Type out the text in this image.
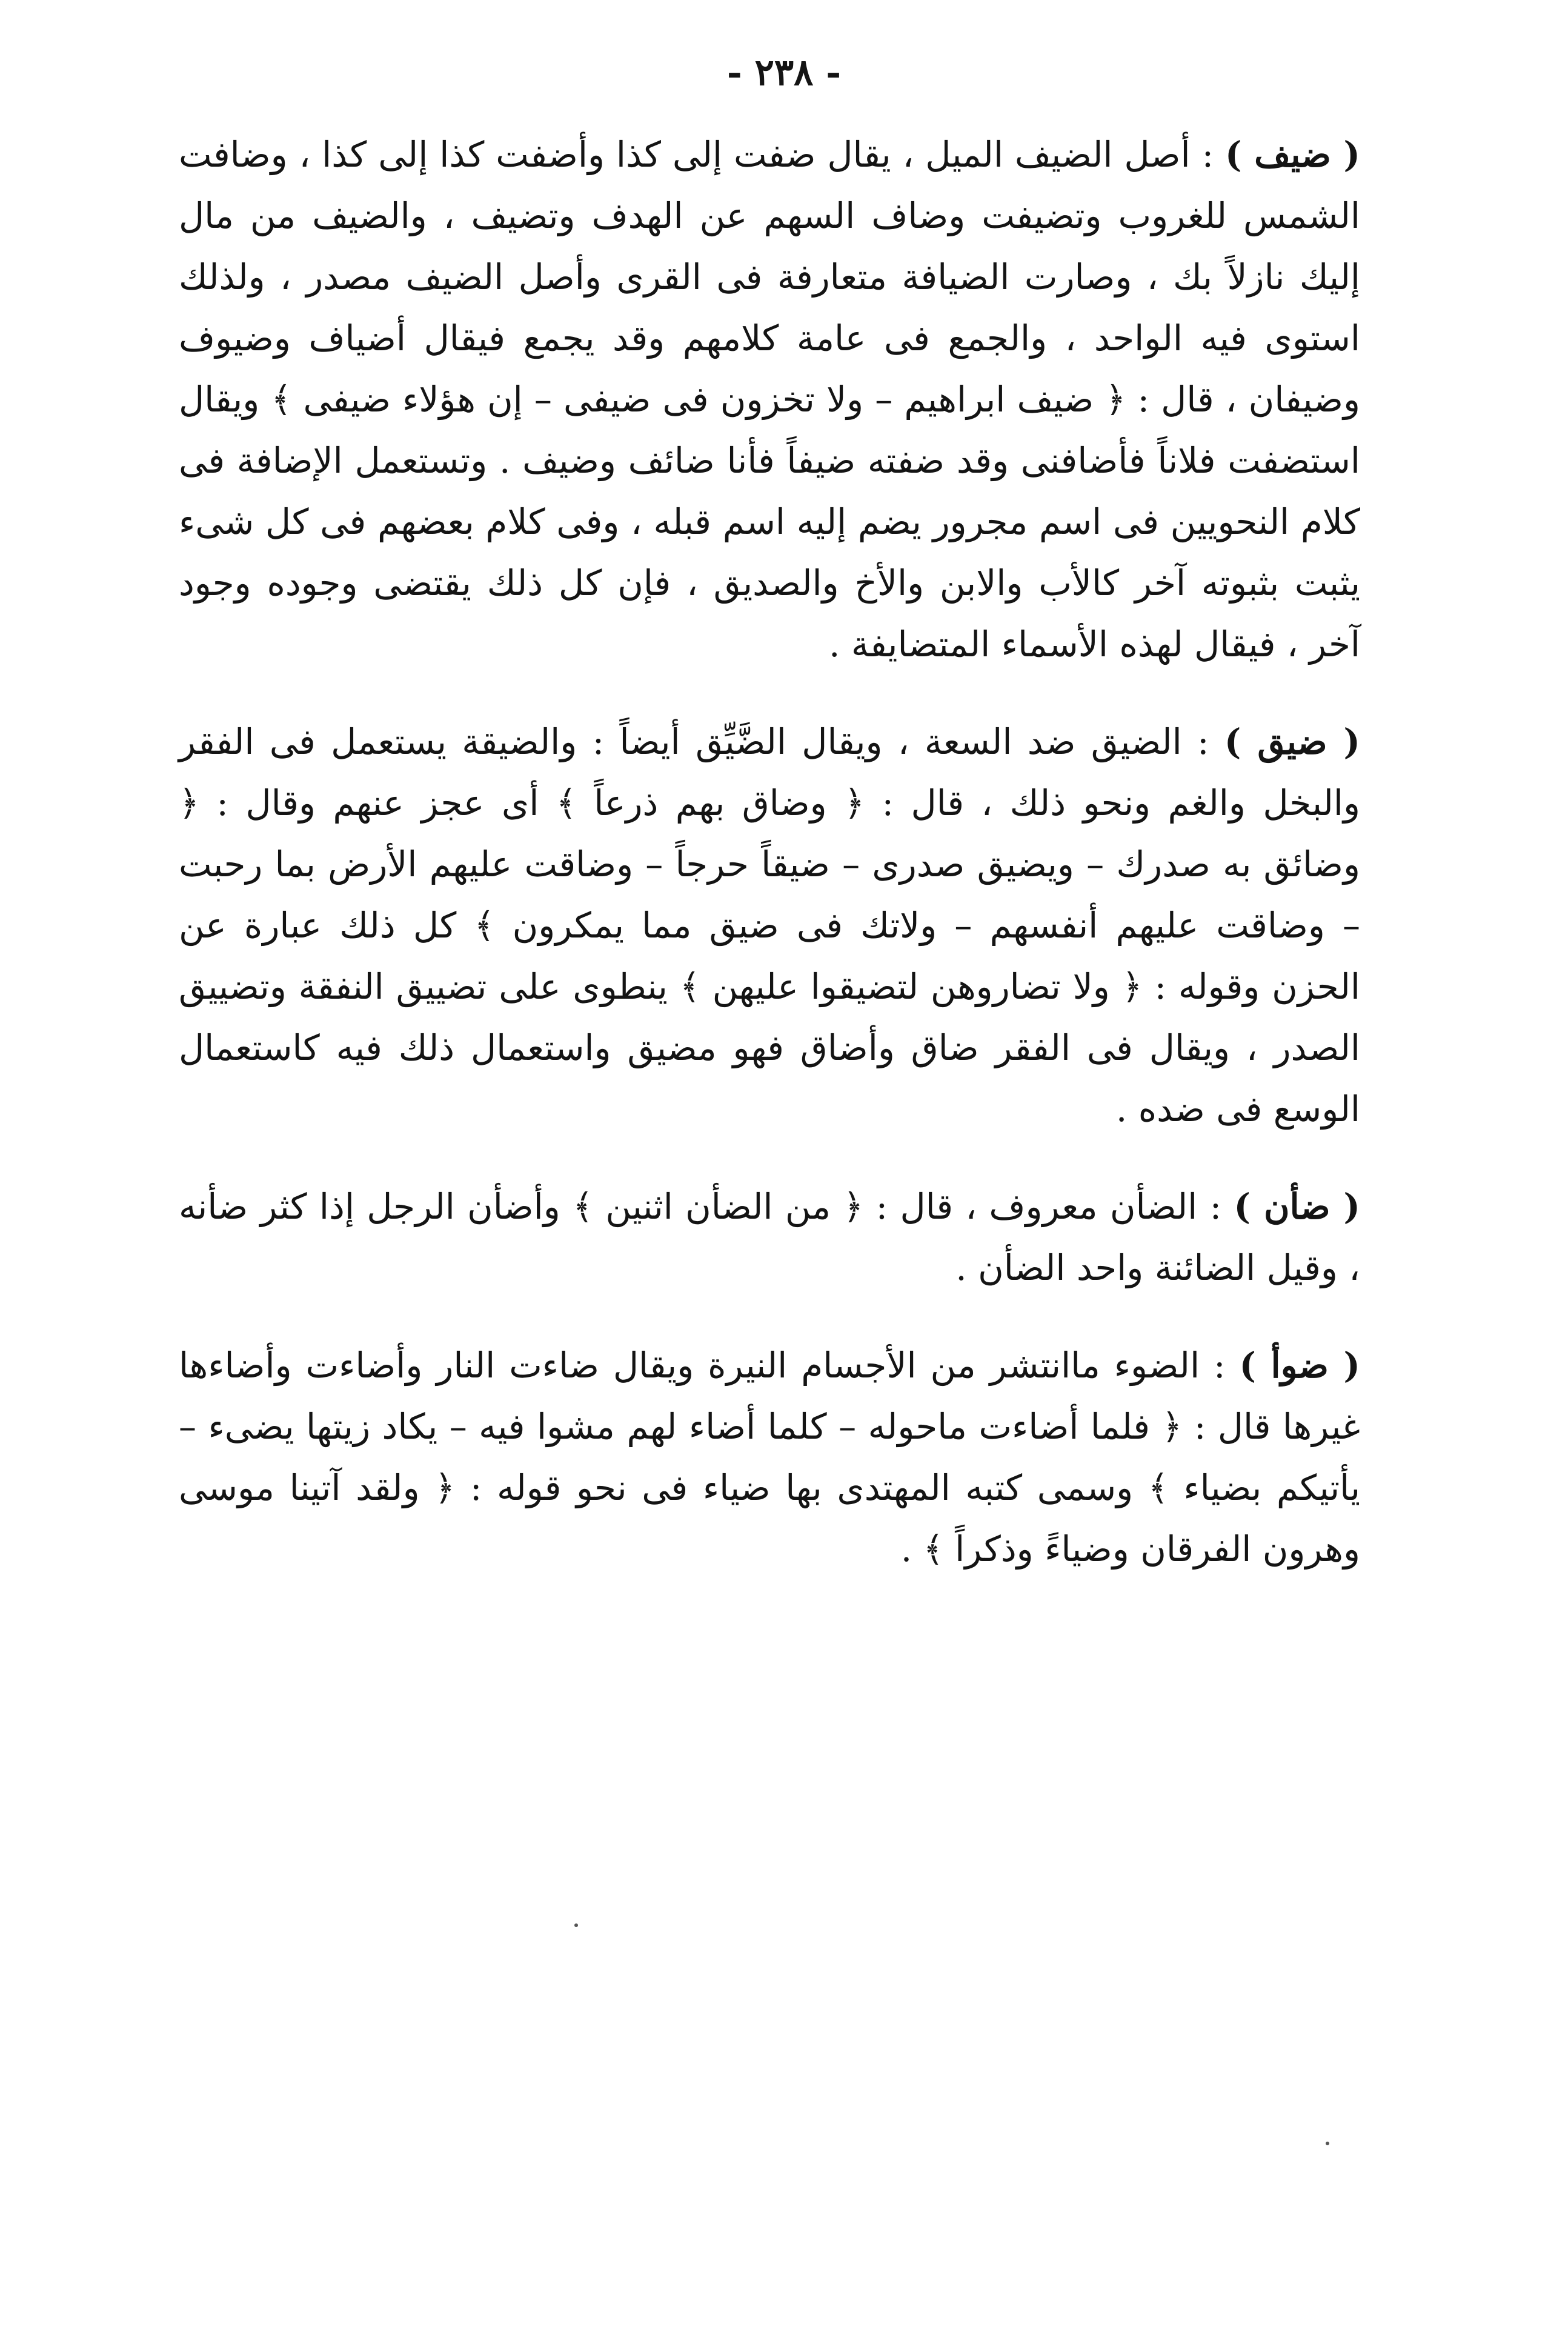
- ٢٣٨ -

( ضيف ) : أصل الضيف الميل ، يقال ضفت إلى كذا وأضفت كذا إلى كذا ، وضافت الشمس للغروب وتضيفت وضاف السهم عن الهدف وتضيف ، والضيف من مال إليك نازلاً بك ، وصارت الضيافة متعارفة فى القرى وأصل الضيف مصدر ، ولذلك استوى فيه الواحد ، والجمع فى عامة كلامهم وقد يجمع فيقال أضياف وضيوف وضيفان ، قال : ﴿ ضيف ابراهيم – ولا تخزون فى ضيفى – إن هؤلاء ضيفى ﴾ ويقال استضفت فلاناً فأضافنى وقد ضفته ضيفاً فأنا ضائف وضيف . وتستعمل الإضافة فى كلام النحويين فى اسم مجرور يضم إليه اسم قبله ، وفى كلام بعضهم فى كل شىء يثبت بثبوته آخر كالأب والابن والأخ والصديق ، فإن كل ذلك يقتضى وجوده وجود آخر ، فيقال لهذه الأسماء المتضايفة .

( ضيق ) : الضيق ضد السعة ، ويقال الضَّيِّق أيضاً : والضيقة يستعمل فى الفقر والبخل والغم ونحو ذلك ، قال : ﴿ وضاق بهم ذرعاً ﴾ أى عجز عنهم وقال : ﴿ وضائق به صدرك – ويضيق صدرى – ضيقاً حرجاً – وضاقت عليهم الأرض بما رحبت – وضاقت عليهم أنفسهم – ولاتك فى ضيق مما يمكرون ﴾ كل ذلك عبارة عن الحزن وقوله : ﴿ ولا تضاروهن لتضيقوا عليهن ﴾ ينطوى على تضييق النفقة وتضييق الصدر ، ويقال فى الفقر ضاق وأضاق فهو مضيق واستعمال ذلك فيه كاستعمال الوسع فى ضده .

( ضأن ) : الضأن معروف ، قال : ﴿ من الضأن اثنين ﴾ وأضأن الرجل إذا كثر ضأنه ، وقيل الضائنة واحد الضأن .

( ضوأ ) : الضوء ماانتشر من الأجسام النيرة ويقال ضاءت النار وأضاءت وأضاءها غيرها قال : ﴿ فلما أضاءت ماحوله – كلما أضاء لهم مشوا فيه – يكاد زيتها يضىء – يأتيكم بضياء ﴾ وسمى كتبه المهتدى بها ضياء فى نحو قوله : ﴿ ولقد آتينا موسى وهرون الفرقان وضياءً وذكراً ﴾ .
